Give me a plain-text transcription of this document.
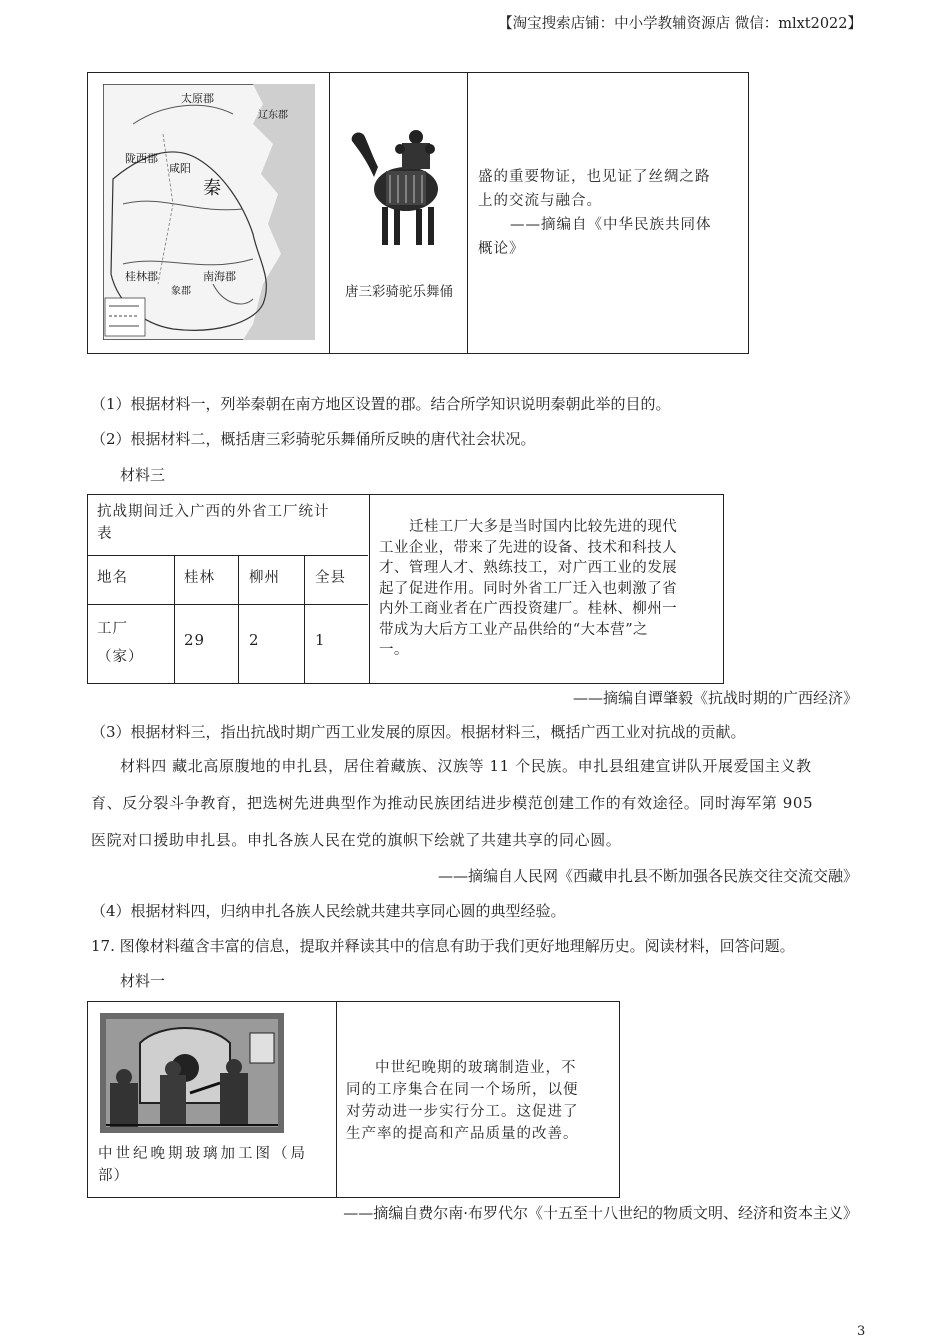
【淘宝搜索店铺：中小学教辅资源店 微信：mlxt2022】
太原郡
辽东郡
陇西郡
咸阳
秦
南海郡
桂林郡
象郡	唐三彩骑驼乐舞俑
盛的重要物证，也见证了丝绸之路
上的交流与融合。
——摘编自《中华民族共同体
概论》
（1）根据材料一，列举秦朝在南方地区设置的郡。结合所学知识说明秦朝此举的目的。
（2）根据材料二，概括唐三彩骑驼乐舞俑所反映的唐代社会状况。
材料三
抗战期间迁入广西的外省工厂统计
表
地名	桂林 柳州 全县
工厂
（家）
29	2	1
迁桂工厂大多是当时国内比较先进的现代
工业企业，带来了先进的设备、技术和科技人
才、管理人才、熟练技工，对广西工业的发展
起了促进作用。同时外省工厂迁入也刺激了省
内外工商业者在广西投资建厂。桂林、柳州一
带成为大后方工业产品供给的“大本营”之
一。
——摘编自谭肇毅《抗战时期的广西经济》
（3）根据材料三，指出抗战时期广西工业发展的原因。根据材料三，概括广西工业对抗战的贡献。
材料四 藏北高原腹地的申扎县，居住着藏族、汉族等 11 个民族。申扎县组建宣讲队开展爱国主义教
育、反分裂斗争教育，把选树先进典型作为推动民族团结进步模范创建工作的有效途径。同时海军第 905
医院对口援助申扎县。申扎各族人民在党的旗帜下绘就了共建共享的同心圆。
——摘编自人民网《西藏申扎县不断加强各民族交往交流交融》
（4）根据材料四，归纳申扎各族人民绘就共建共享同心圆的典型经验。
17. 图像材料蕴含丰富的信息，提取并释读其中的信息有助于我们更好地理解历史。阅读材料，回答问题。
材料一
中世纪晚期玻璃加工图（局
部）
中世纪晚期的玻璃制造业，不
同的工序集合在同一个场所，以便
对劳动进一步实行分工。这促进了
生产率的提高和产品质量的改善。
——摘编自费尔南·布罗代尔《十五至十八世纪的物质文明、经济和资本主义》
3
